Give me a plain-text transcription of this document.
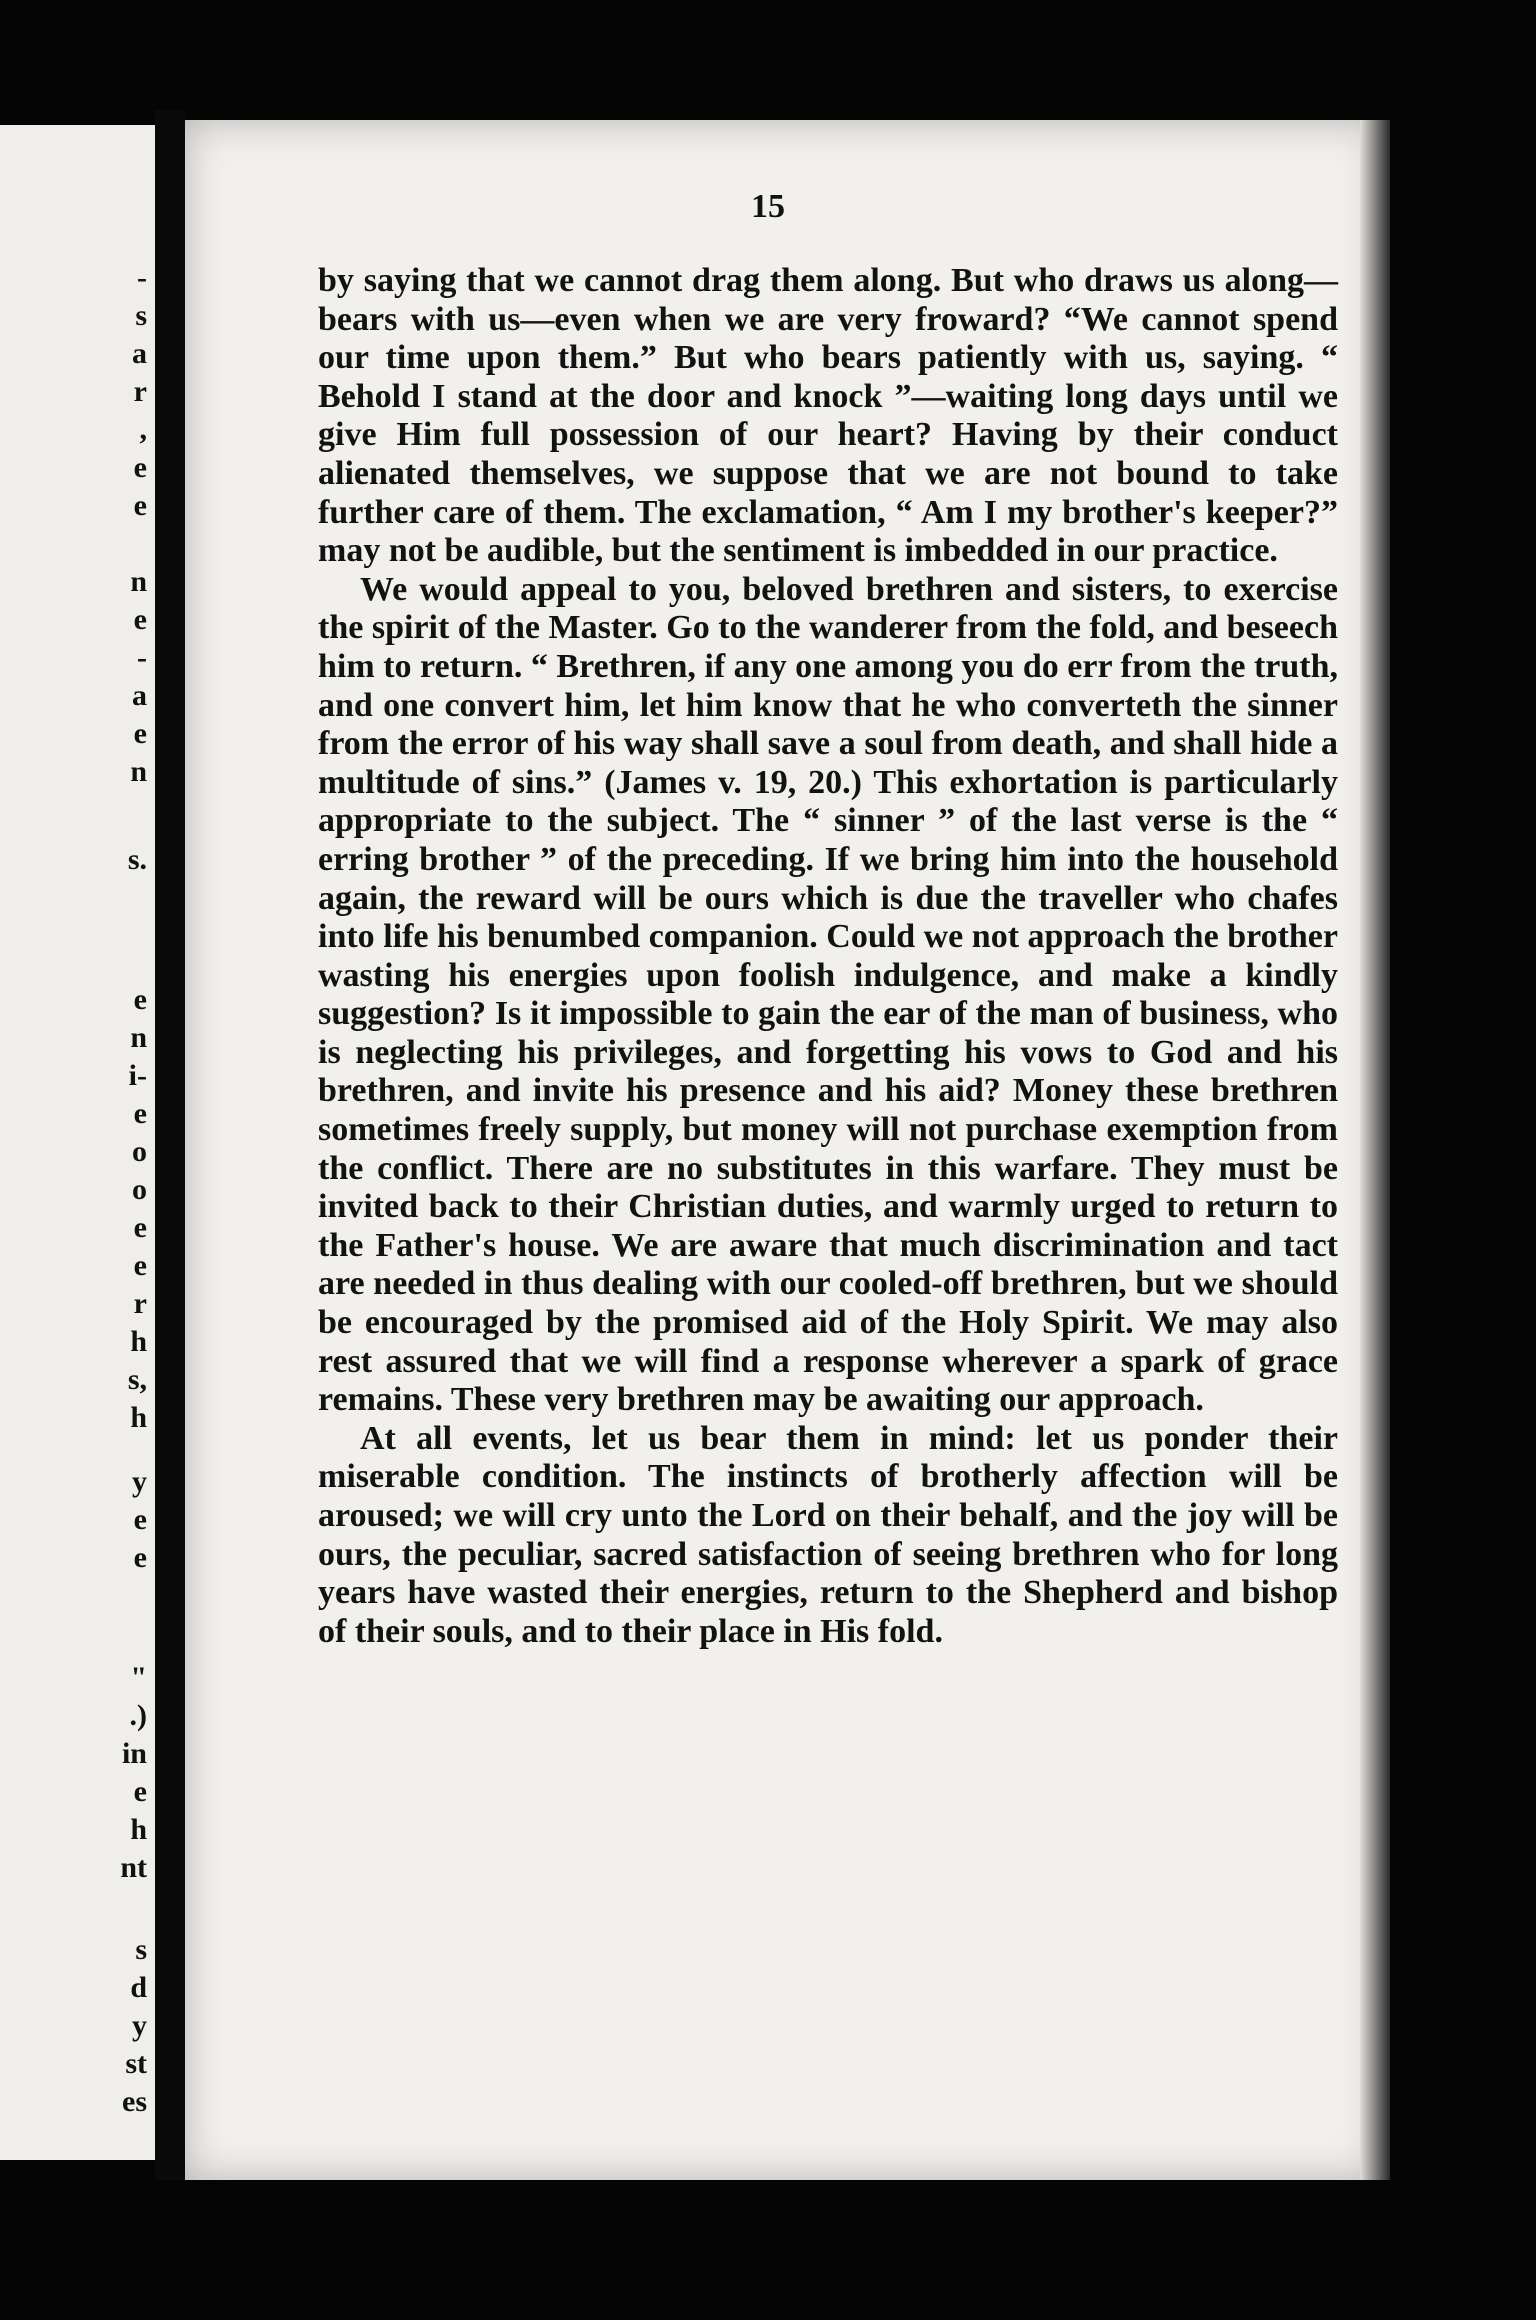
-

s

a

r

,

e

e

n

e

-

a

e

n

s.

e

n

i-

e

o

o

e

e

r

h

s,

h

y

e

e

"

.)

in

e

h

nt

s

d

y

st

es

15

by saying that we cannot drag them along. But who draws us along—bears with us—even when we are very froward? “We cannot spend our time upon them.” But who bears patiently with us, saying. “ Behold I stand at the door and knock ”—waiting long days until we give Him full possession of our heart? Having by their conduct alienated themselves, we suppose that we are not bound to take further care of them. The exclamation, “ Am I my brother's keeper?” may not be audible, but the sentiment is imbedded in our practice.

We would appeal to you, beloved brethren and sisters, to exercise the spirit of the Master. Go to the wanderer from the fold, and beseech him to return. “ Brethren, if any one among you do err from the truth, and one convert him, let him know that he who converteth the sinner from the error of his way shall save a soul from death, and shall hide a multitude of sins.” (James v. 19, 20.) This exhortation is particularly appropriate to the subject. The “ sinner ” of the last verse is the “ erring brother ” of the preceding. If we bring him into the household again, the reward will be ours which is due the traveller who chafes into life his benumbed companion. Could we not approach the brother wasting his energies upon foolish indulgence, and make a kindly suggestion? Is it impossible to gain the ear of the man of business, who is neglecting his privileges, and forgetting his vows to God and his brethren, and invite his presence and his aid? Money these brethren sometimes freely supply, but money will not purchase exemption from the conflict. There are no substitutes in this warfare. They must be invited back to their Christian duties, and warmly urged to return to the Father's house. We are aware that much discrimination and tact are needed in thus dealing with our cooled-off brethren, but we should be encouraged by the promised aid of the Holy Spirit. We may also rest assured that we will find a response wherever a spark of grace remains. These very brethren may be awaiting our approach.

At all events, let us bear them in mind: let us ponder their miserable condition. The instincts of brotherly affection will be aroused; we will cry unto the Lord on their behalf, and the joy will be ours, the peculiar, sacred satisfaction of seeing brethren who for long years have wasted their energies, return to the Shepherd and bishop of their souls, and to their place in His fold.
